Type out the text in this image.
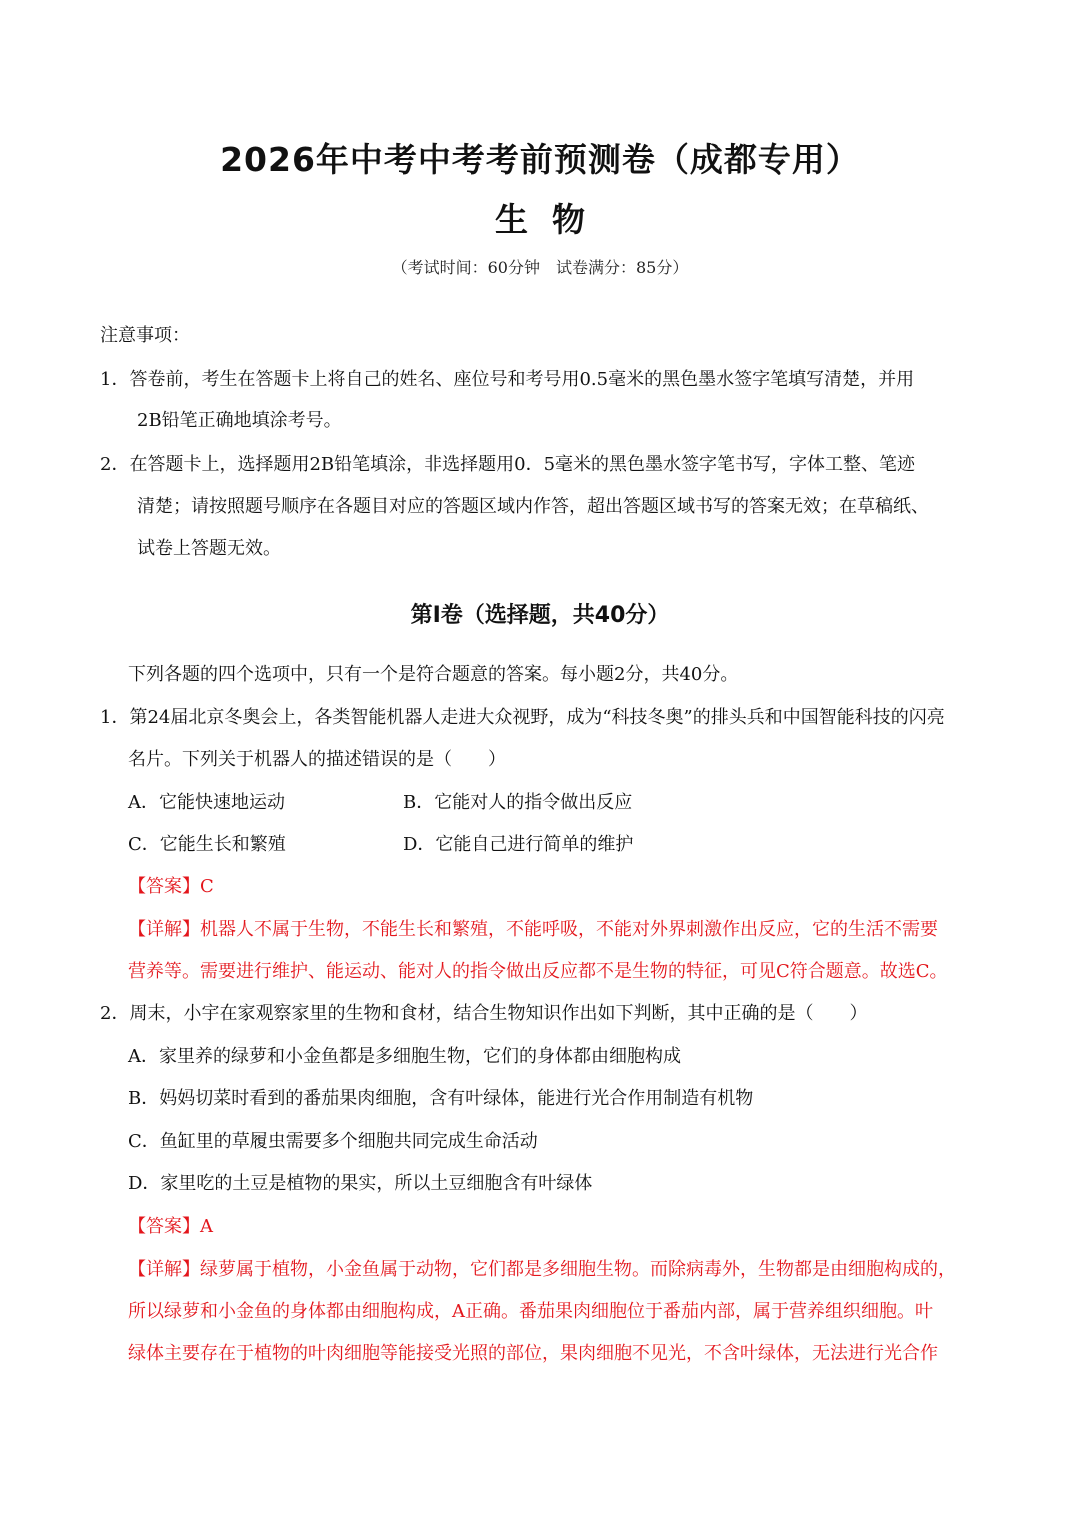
2026年中考中考考前预测卷（成都专用）
生物
（考试时间：60分钟　试卷满分：85分）
注意事项：
1．答卷前，考生在答题卡上将自己的姓名、座位号和考号用0.5毫米的黑色墨水签字笔填写清楚，并用
2B铅笔正确地填涂考号。
2．在答题卡上，选择题用2B铅笔填涂，非选择题用0．5毫米的黑色墨水签字笔书写，字体工整、笔迹
清楚；请按照题号顺序在各题目对应的答题区域内作答，超出答题区域书写的答案无效；在草稿纸、
试卷上答题无效。
第Ⅰ卷（选择题，共40分）
下列各题的四个选项中，只有一个是符合题意的答案。每小题2分，共40分。
1．第24届北京冬奥会上，各类智能机器人走进大众视野，成为“科技冬奥”的排头兵和中国智能科技的闪亮
名片。下列关于机器人的描述错误的是（　　）
A．它能快速地运动	B．它能对人的指令做出反应
C．它能生长和繁殖	D．它能自己进行简单的维护
【答案】C
【详解】机器人不属于生物，不能生长和繁殖，不能呼吸，不能对外界刺激作出反应，它的生活不需要
营养等。需要进行维护、能运动、能对人的指令做出反应都不是生物的特征，可见C符合题意。故选C。
2．周末，小宇在家观察家里的生物和食材，结合生物知识作出如下判断，其中正确的是（　　）
A．家里养的绿萝和小金鱼都是多细胞生物，它们的身体都由细胞构成
B．妈妈切菜时看到的番茄果肉细胞，含有叶绿体，能进行光合作用制造有机物
C．鱼缸里的草履虫需要多个细胞共同完成生命活动
D．家里吃的土豆是植物的果实，所以土豆细胞含有叶绿体
【答案】A
【详解】绿萝属于植物，小金鱼属于动物，它们都是多细胞生物。而除病毒外，生物都是由细胞构成的，
所以绿萝和小金鱼的身体都由细胞构成，A正确。番茄果肉细胞位于番茄内部，属于营养组织细胞。叶
绿体主要存在于植物的叶肉细胞等能接受光照的部位，果肉细胞不见光，不含叶绿体，无法进行光合作
